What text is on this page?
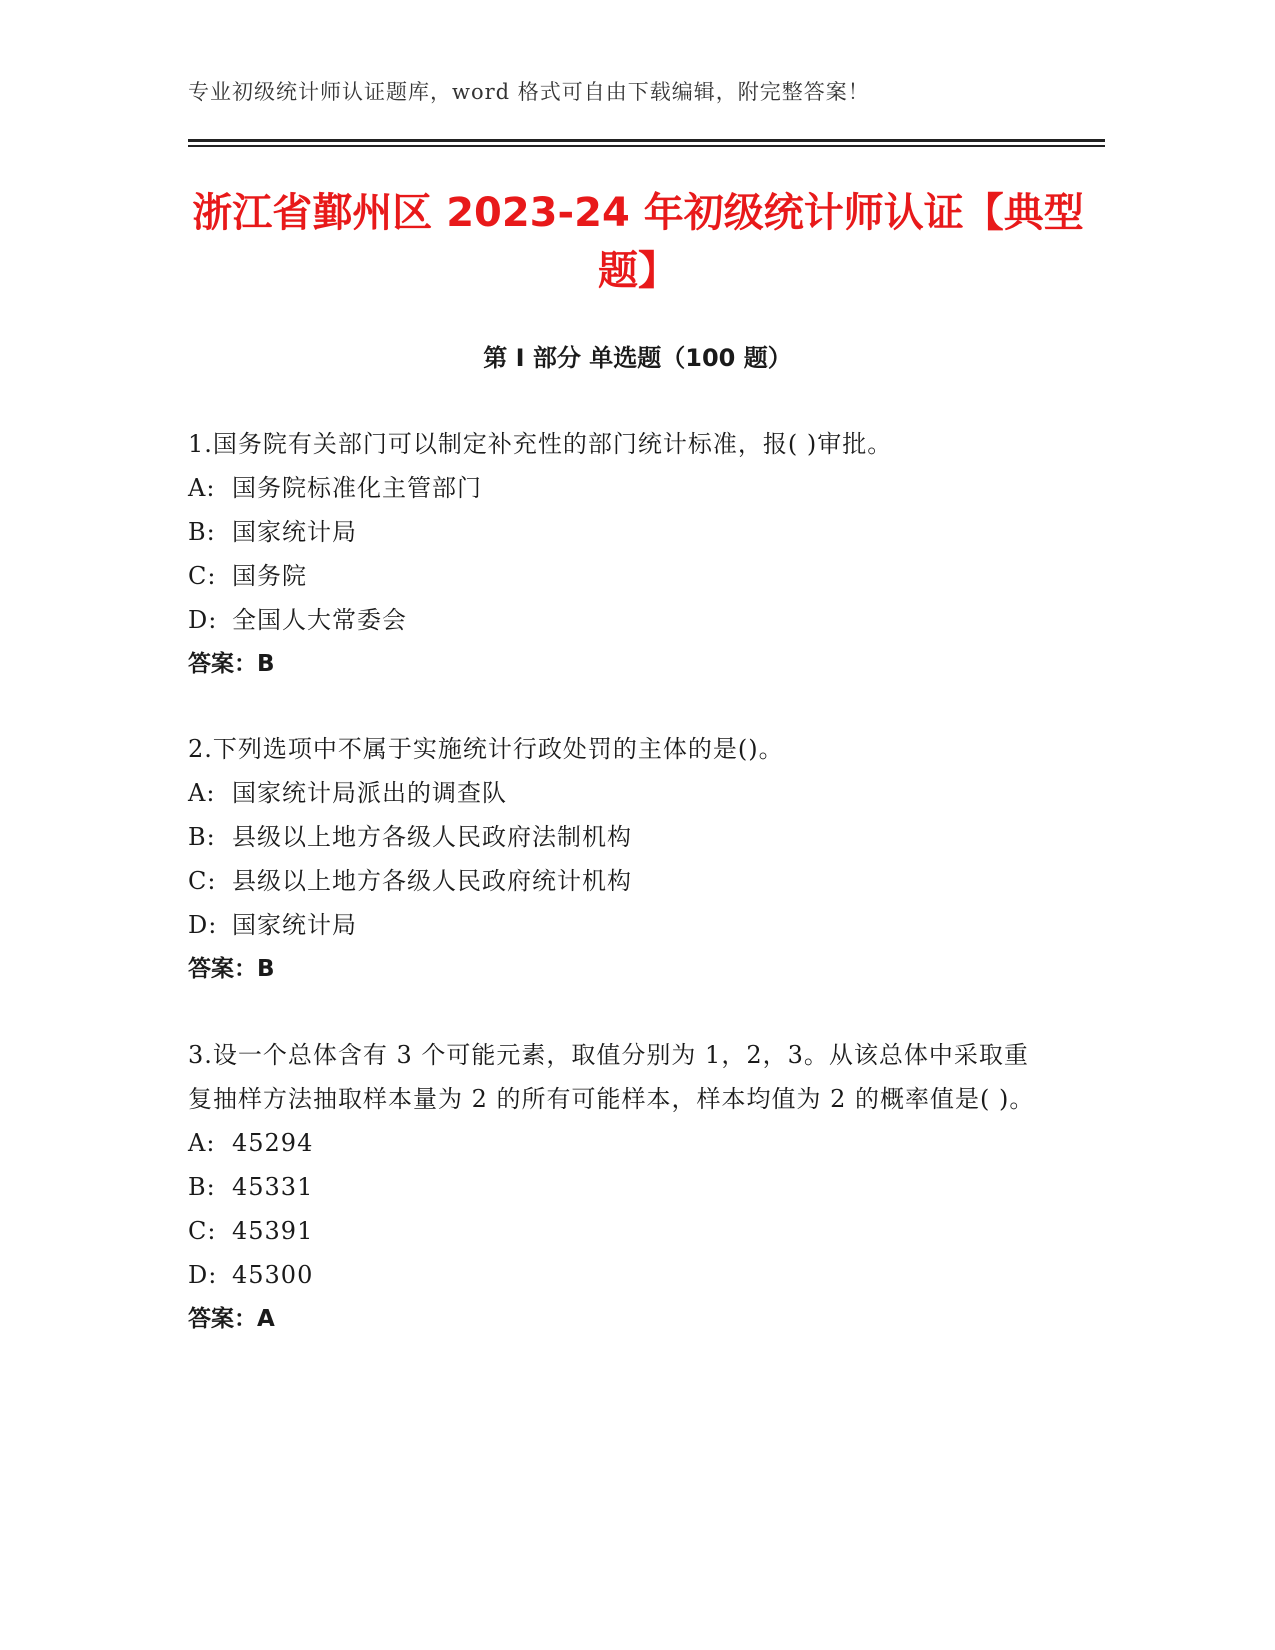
专业初级统计师认证题库，word 格式可自由下载编辑，附完整答案！
浙江省鄞州区 2023-24 年初级统计师认证【典型题】
第 I 部分 单选题（100 题）

1.国务院有关部门可以制定补充性的部门统计标准，报( )审批。

A: 国务院标准化主管部门

B: 国家统计局

C: 国务院

D: 全国人大常委会

答案：B

2.下列选项中不属于实施统计行政处罚的主体的是()。

A: 国家统计局派出的调查队

B: 县级以上地方各级人民政府法制机构

C: 县级以上地方各级人民政府统计机构

D: 国家统计局

答案：B

3.设一个总体含有 3 个可能元素，取值分别为 1，2，3。从该总体中采取重复抽样方法抽取样本量为 2 的所有可能样本，样本均值为 2 的概率值是( )。

A: 45294

B: 45331

C: 45391

D: 45300

答案：A
